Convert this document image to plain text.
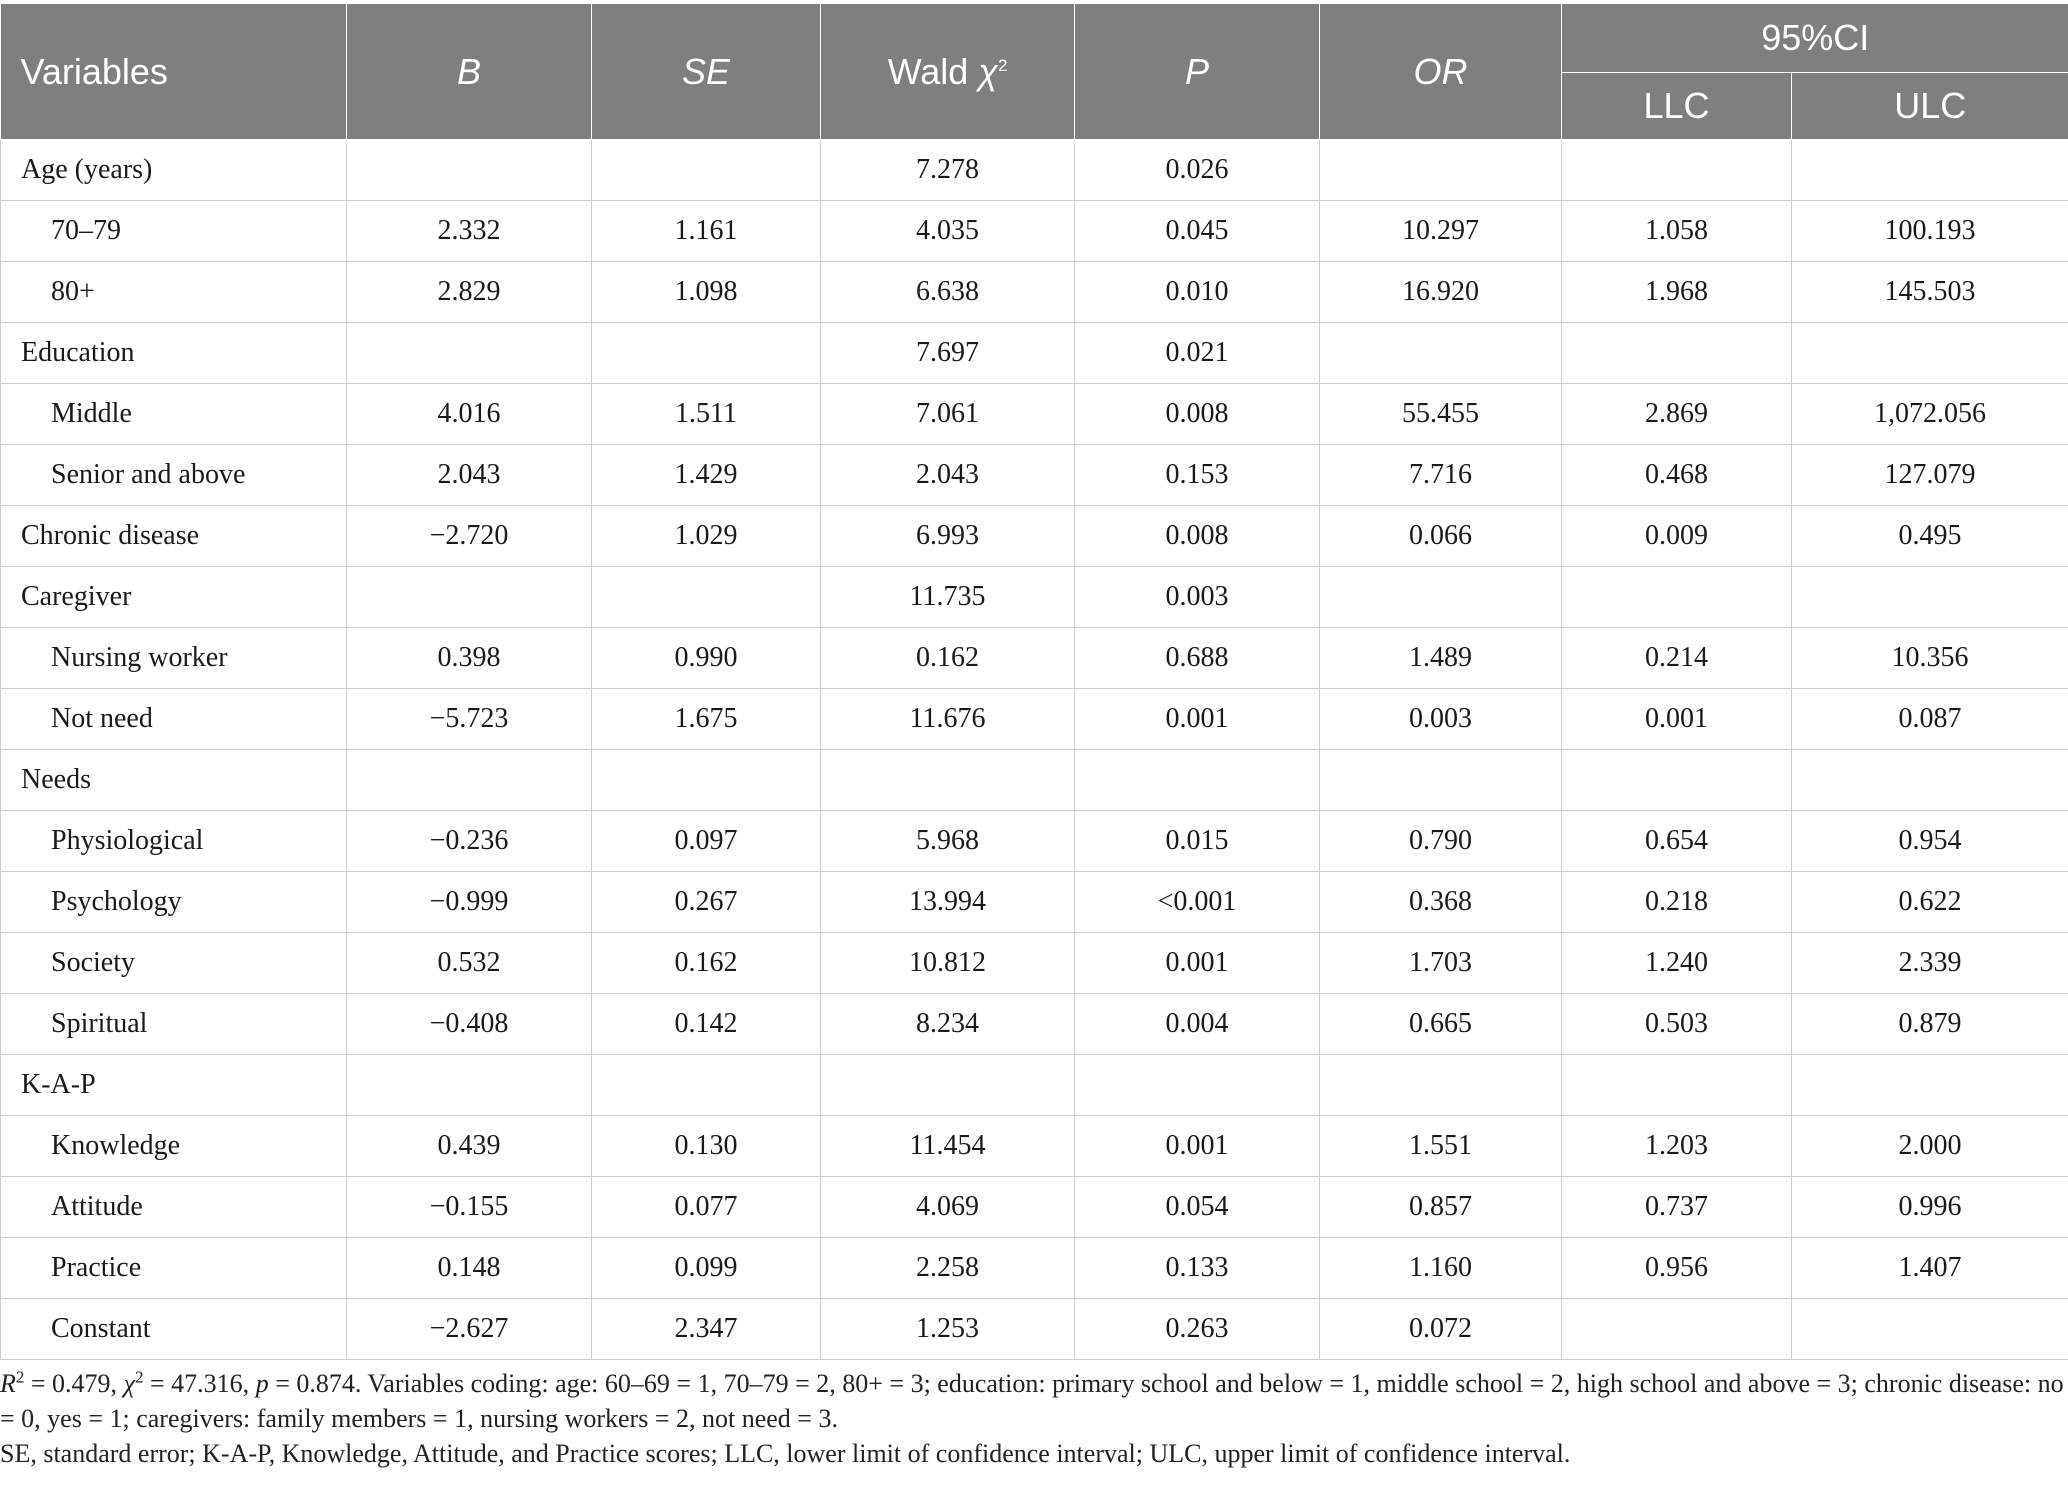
Variables	B	SE	Wald $\chi^2$	P	OR	95%CI	
						LLC	ULC
Age (years)			7.278	0.026			
70–79	2.332	1.161	4.035	0.045	10.297	1.058	100.193
80+	2.829	1.098	6.638	0.010	16.920	1.968	145.503
Education			7.697	0.021			
Middle	4.016	1.511	7.061	0.008	55.455	2.869	1,072.056
Senior and above	2.043	1.429	2.043	0.153	7.716	0.468	127.079
Chronic disease	−2.720	1.029	6.993	0.008	0.066	0.009	0.495
Caregiver			11.735	0.003			
Nursing worker	0.398	0.990	0.162	0.688	1.489	0.214	10.356
Not need	−5.723	1.675	11.676	0.001	0.003	0.001	0.087
Needs							
Physiological	−0.236	0.097	5.968	0.015	0.790	0.654	0.954
Psychology	−0.999	0.267	13.994	<0.001	0.368	0.218	0.622
Society	0.532	0.162	10.812	0.001	1.703	1.240	2.339
Spiritual	−0.408	0.142	8.234	0.004	0.665	0.503	0.879
K-A-P							
Knowledge	0.439	0.130	11.454	0.001	1.551	1.203	2.000
Attitude	−0.155	0.077	4.069	0.054	0.857	0.737	0.996
Practice	0.148	0.099	2.258	0.133	1.160	0.956	1.407
Constant	−2.627	2.347	1.253	0.263	0.072		

$R^2 = 0.479$, $\chi^2 = 47.316$, p = 0.874. Variables coding: age: 60–69 = 1, 70–79 = 2, 80+ = 3; education: primary school and below = 1, middle school = 2, high school and above = 3; chronic disease: no = 0, yes = 1; caregivers: family members = 1, nursing workers = 2, not need = 3.

SE, standard error; K-A-P, Knowledge, Attitude, and Practice scores; LLC, lower limit of confidence interval; ULC, upper limit of confidence interval.
